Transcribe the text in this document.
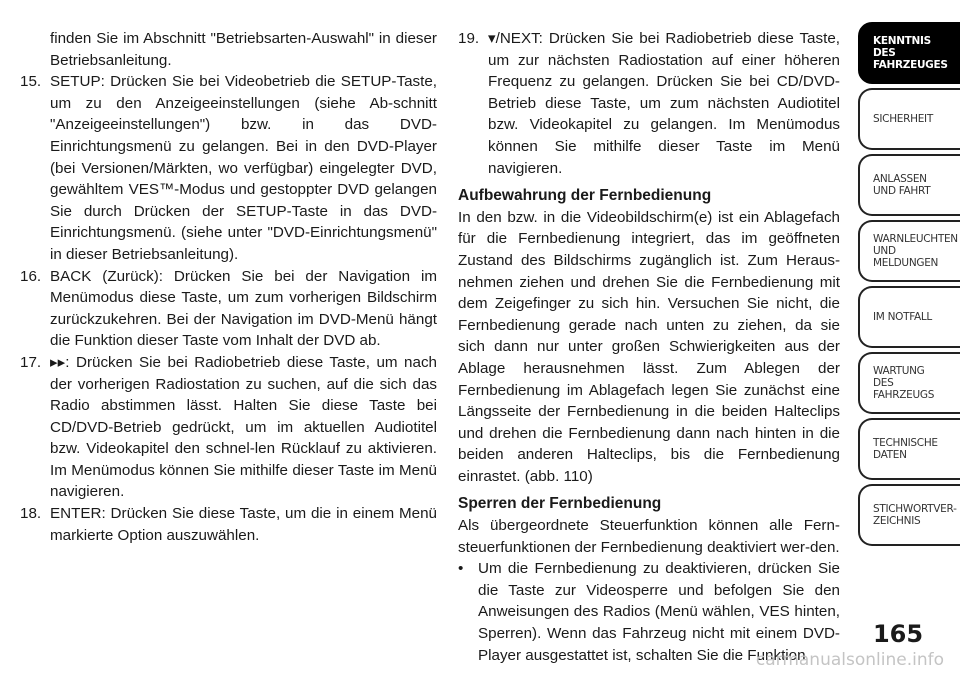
finden Sie im Abschnitt "Betriebsarten-Auswahl" in dieser Betriebsanleitung.
15. SETUP: Drücken Sie bei Videobetrieb die SETUP-Taste, um zu den Anzeigeeinstellungen (siehe Ab-schnitt "Anzeigeeinstellungen") bzw. in das DVD-Einrichtungsmenü zu gelangen. Bei in den DVD-Player (bei Versionen/Märkten, wo verfügbar) eingelegter DVD, gewähltem VES™-Modus und gestoppter DVD gelangen Sie durch Drücken der SETUP-Taste in das DVD-Einrichtungsmenü. (siehe unter "DVD-Einrichtungsmenü" in dieser Betriebsanleitung).
16. BACK (Zurück): Drücken Sie bei der Navigation im Menümodus diese Taste, um zum vorherigen Bildschirm zurückzukehren. Bei der Navigation im DVD-Menü hängt die Funktion dieser Taste vom Inhalt der DVD ab.
17. ▸▸: Drücken Sie bei Radiobetrieb diese Taste, um nach der vorherigen Radiostation zu suchen, auf die sich das Radio abstimmen lässt. Halten Sie diese Taste bei CD/DVD-Betrieb gedrückt, um im aktuellen Audiotitel bzw. Videokapitel den schnel-len Rücklauf zu aktivieren. Im Menümodus können Sie mithilfe dieser Taste im Menü navigieren.
18. ENTER: Drücken Sie diese Taste, um die in einem Menü markierte Option auszuwählen.
19. ▾/NEXT: Drücken Sie bei Radiobetrieb diese Taste, um zur nächsten Radiostation auf einer höheren Frequenz zu gelangen. Drücken Sie bei CD/DVD-Betrieb diese Taste, um zum nächsten Audiotitel bzw. Videokapitel zu gelangen. Im Menümodus können Sie mithilfe dieser Taste im Menü navigieren.
Aufbewahrung der Fernbedienung

In den bzw. in die Videobildschirm(e) ist ein Ablagefach für die Fernbedienung integriert, das im geöffneten Zustand des Bildschirms zugänglich ist. Zum Heraus-nehmen ziehen und drehen Sie die Fernbedienung mit dem Zeigefinger zu sich hin. Versuchen Sie nicht, die Fernbedienung gerade nach unten zu ziehen, da sie sich dann nur unter großen Schwierigkeiten aus der Ablage herausnehmen lässt. Zum Ablegen der Fernbedienung im Ablagefach legen Sie zunächst eine Längsseite der Fernbedienung in die beiden Halteclips und drehen die Fernbedienung dann nach hinten in die beiden anderen Halteclips, bis die Fernbedienung einrastet. (abb. 110)

Sperren der Fernbedienung

Als übergeordnete Steuerfunktion können alle Fern-steuerfunktionen der Fernbedienung deaktiviert wer-den.

• Um die Fernbedienung zu deaktivieren, drücken Sie die Taste zur Videosperre und befolgen Sie den Anweisungen des Radios (Menü wählen, VES hinten, Sperren). Wenn das Fahrzeug nicht mit einem DVD-Player ausgestattet ist, schalten Sie die Funktion
KENNTNIS
DES
FAHRZEUGES
SICHERHEIT
ANLASSEN
UND FAHRT
WARNLEUCHTEN
UND
MELDUNGEN
IM NOTFALL
WARTUNG
DES
FAHRZEUGS
TECHNISCHE
DATEN
STICHWORTVER-
ZEICHNIS
165
carmanualsonline.info
